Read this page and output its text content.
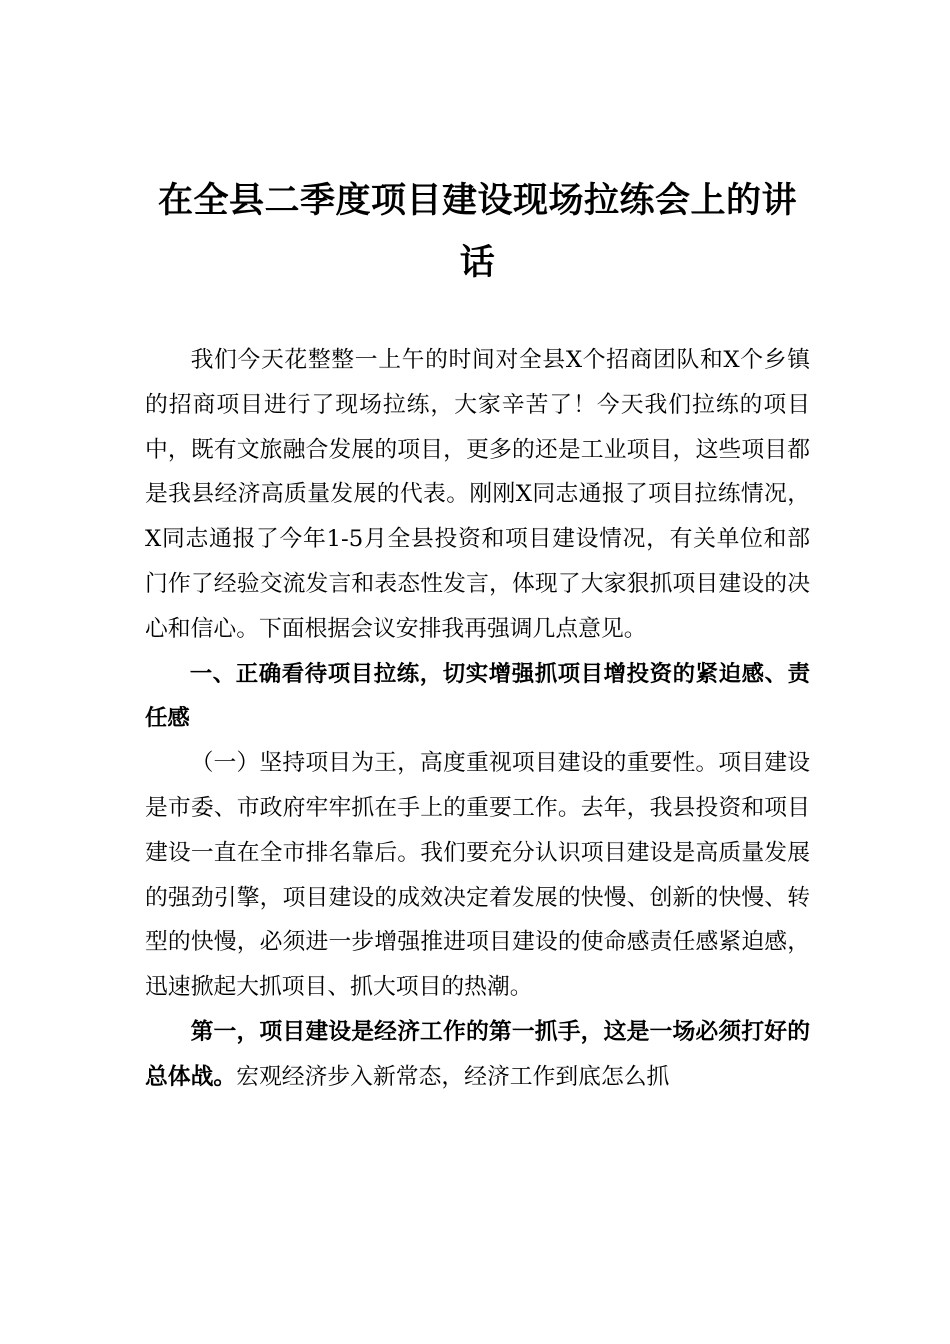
在全县二季度项目建设现场拉练会上的讲话

我们今天花整整一上午的时间对全县X个招商团队和X个乡镇的招商项目进行了现场拉练，大家辛苦了！今天我们拉练的项目中，既有文旅融合发展的项目，更多的还是工业项目，这些项目都是我县经济高质量发展的代表。刚刚X同志通报了项目拉练情况，X同志通报了今年1-5月全县投资和项目建设情况，有关单位和部门作了经验交流发言和表态性发言，体现了大家狠抓项目建设的决心和信心。下面根据会议安排我再强调几点意见。

一、正确看待项目拉练，切实增强抓项目增投资的紧迫感、责任感

（一）坚持项目为王，高度重视项目建设的重要性。项目建设是市委、市政府牢牢抓在手上的重要工作。去年，我县投资和项目建设一直在全市排名靠后。我们要充分认识项目建设是高质量发展的强劲引擎，项目建设的成效决定着发展的快慢、创新的快慢、转型的快慢，必须进一步增强推进项目建设的使命感责任感紧迫感，迅速掀起大抓项目、抓大项目的热潮。

第一，项目建设是经济工作的第一抓手，这是一场必须打好的总体战。宏观经济步入新常态，经济工作到底怎么抓
